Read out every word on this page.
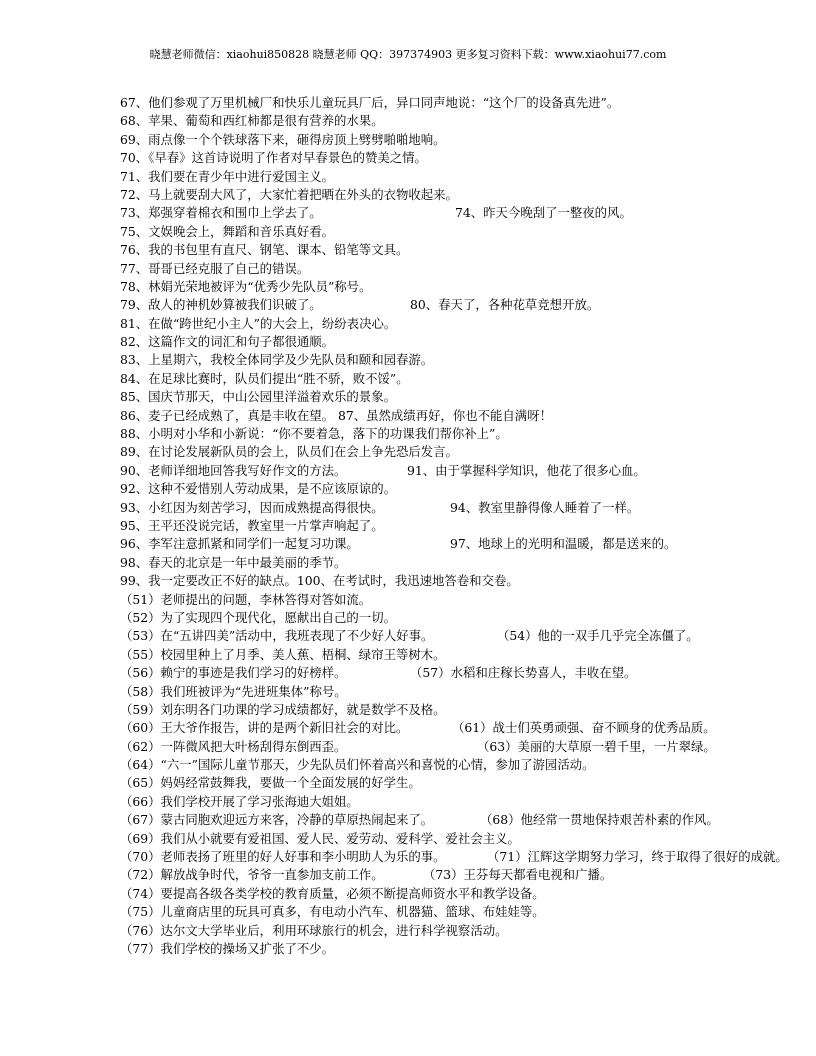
晓慧老师微信：xiaohui850828 晓慧老师 QQ：397374903 更多复习资料下载：www.xiaohui77.com
67、他们参观了万里机械厂和快乐儿童玩具厂后，异口同声地说：“这个厂的设备真先进”。
68、苹果、葡萄和西红柿都是很有营养的水果。
69、雨点像一个个铁球落下来，砸得房顶上劈劈啪啪地响。
70、《早春》这首诗说明了作者对早春景色的赞美之情。
71、我们要在青少年中进行爱国主义。
72、马上就要刮大风了，大家忙着把晒在外头的衣物收起来。
73、郑强穿着棉衣和围巾上学去了。	74、昨天今晚刮了一整夜的风。
75、文娱晚会上，舞蹈和音乐真好看。
76、我的书包里有直尺、钢笔、课本、铅笔等文具。
77、哥哥已经克服了自己的错误。
78、林娟光荣地被评为“优秀少先队员”称号。
79、敌人的神机妙算被我们识破了。	80、春天了，各种花草竞想开放。
81、在做“跨世纪小主人”的大会上，纷纷表决心。
82、这篇作文的词汇和句子都很通顺。
83、上星期六，我校全体同学及少先队员和颐和园春游。
84、在足球比赛时，队员们提出“胜不骄，败不馁”。
85、国庆节那天，中山公园里洋溢着欢乐的景象。
86、麦子已经成熟了，真是丰收在望。 87、虽然成绩再好，你也不能自满呀！
88、小明对小华和小新说：“你不要着急，落下的功课我们帮你补上”。
89、在讨论发展新队员的会上，队员们在会上争先恐后发言。
90、老师详细地回答我写好作文的方法。	91、由于掌握科学知识，他花了很多心血。
92、这种不爱惜别人劳动成果，是不应该原谅的。
93、小红因为刻苦学习，因而成熟提高得很快。	94、教室里静得像人睡着了一样。
95、王平还没说完话，教室里一片掌声响起了。
96、李军注意抓紧和同学们一起复习功课。	97、地球上的光明和温暖，都是送来的。
98、春天的北京是一年中最美丽的季节。
99、我一定要改正不好的缺点。100、在考试时，我迅速地答卷和交卷。
（51）老师提出的问题，李林答得对答如流。
（52）为了实现四个现代化，愿献出自己的一切。
（53）在“五讲四美”活动中，我班表现了不少好人好事。	（54）他的一双手几乎完全冻僵了。
（55）校园里种上了月季、美人蕉、梧桐、绿帘王等树木。
（56）赖宁的事迹是我们学习的好榜样。	（57）水稻和庄稼长势喜人，丰收在望。
（58）我们班被评为“先进班集体”称号。
（59）刘东明各门功课的学习成绩都好，就是数学不及格。
（60）王大爷作报告，讲的是两个新旧社会的对比。	（61）战士们英勇顽强、奋不顾身的优秀品质。
（62）一阵微风把大叶杨刮得东倒西歪。	（63）美丽的大草原一碧千里，一片翠绿。
（64）“六一”国际儿童节那天，少先队员们怀着高兴和喜悦的心情，参加了游园活动。
（65）妈妈经常鼓舞我，要做一个全面发展的好学生。
（66）我们学校开展了学习张海迪大姐姐。
（67）蒙古同胞欢迎远方来客，冷静的草原热闹起来了。	（68）他经常一贯地保持艰苦朴素的作风。
（69）我们从小就要有爱祖国、爱人民、爱劳动、爱科学、爱社会主义。
（70）老师表扬了班里的好人好事和李小明助人为乐的事。	（71）江辉这学期努力学习，终于取得了很好的成就。
（72）解放战争时代，爷爷一直参加支前工作。	（73）王芬每天都看电视和广播。
（74）要提高各级各类学校的教育质量，必须不断提高师资水平和教学设备。
（75）儿童商店里的玩具可真多，有电动小汽车、机器猫、篮球、布娃娃等。
（76）达尔文大学毕业后，利用环球旅行的机会，进行科学视察活动。
（77）我们学校的操场又扩张了不少。
